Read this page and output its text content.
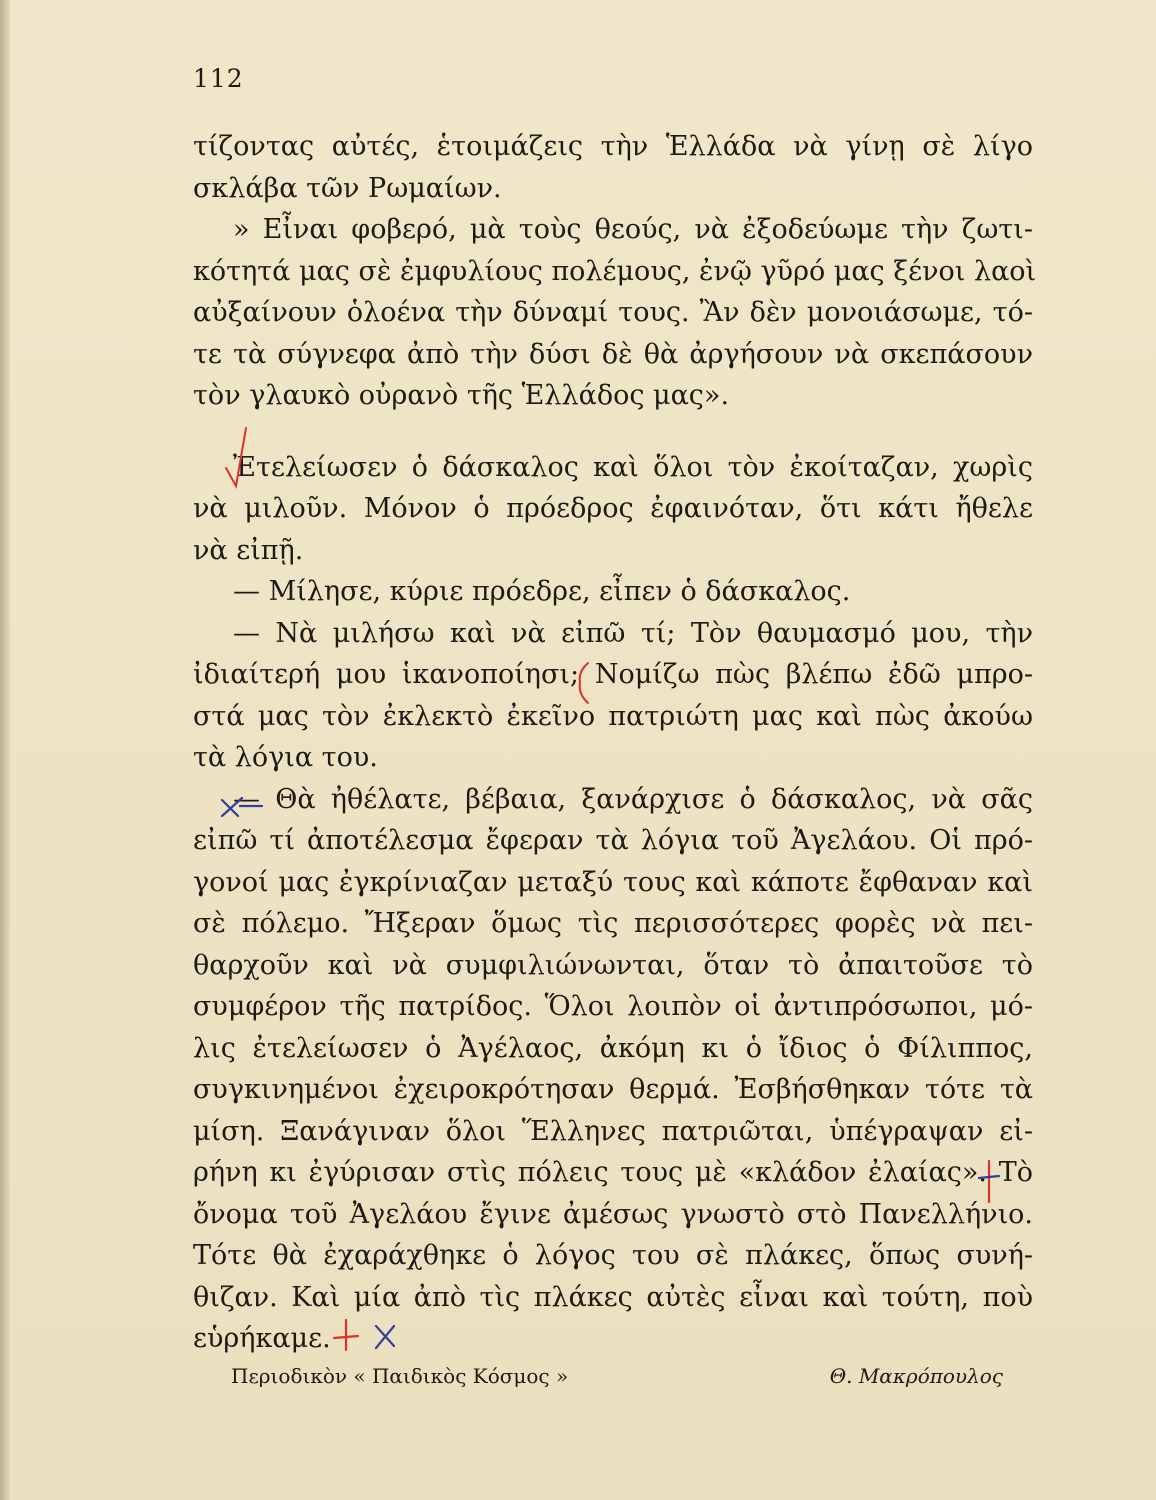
112
τίζοντας αὐτές, ἑτοιμάζεις τὴν Ἑλλάδα νὰ γίνῃ σὲ λίγο
σκλάβα τῶν Ρωμαίων.
» Εἶναι φοβερό, μὰ τοὺς θεούς, νὰ ἐξοδεύωμε τὴν ζωτι-
κότητά μας σὲ ἐμφυλίους πολέμους, ἐνῷ γῦρό μας ξένοι λαοὶ
αὐξαίνουν ὁλοένα τὴν δύναμί τους. Ἂν δὲν μονοιάσωμε, τό-
τε τὰ σύγνεφα ἀπὸ τὴν δύσι δὲ θὰ ἀργήσουν νὰ σκεπάσουν
τὸν γλαυκὸ οὐρανὸ τῆς Ἑλλάδος μας».
Ἐτελείωσεν ὁ δάσκαλος καὶ ὅλοι τὸν ἐκοίταζαν, χωρὶς
νὰ μιλοῦν. Μόνον ὁ πρόεδρος ἐφαινόταν, ὅτι κάτι ἤθελε
νὰ εἰπῇ.
— Μίλησε, κύριε πρόεδρε, εἶπεν ὁ δάσκαλος.
— Νὰ μιλήσω καὶ νὰ εἰπῶ τί; Τὸν θαυμασμό μου, τὴν
ἰδιαίτερή μου ἱκανοποίησι; Νομίζω πὼς βλέπω ἐδῶ μπρο-
στά μας τὸν ἐκλεκτὸ ἐκεῖνο πατριώτη μας καὶ πὼς ἀκούω
τὰ λόγια του.
— Θὰ ἠθέλατε, βέβαια, ξανάρχισε ὁ δάσκαλος, νὰ σᾶς
εἰπῶ τί ἀποτέλεσμα ἔφεραν τὰ λόγια τοῦ Ἀγελάου. Οἱ πρό-
γονοί μας ἐγκρίνιαζαν μεταξύ τους καὶ κάποτε ἔφθαναν καὶ
σὲ πόλεμο. Ἤξεραν ὅμως τὶς περισσότερες φορὲς νὰ πει-
θαρχοῦν καὶ νὰ συμφιλιώνωνται, ὅταν τὸ ἀπαιτοῦσε τὸ
συμφέρον τῆς πατρίδος. Ὅλοι λοιπὸν οἱ ἀντιπρόσωποι, μό-
λις ἐτελείωσεν ὁ Ἀγέλαος, ἀκόμη κι ὁ ἴδιος ὁ Φίλιππος,
συγκινημένοι ἐχειροκρότησαν θερμά. Ἐσβήσθηκαν τότε τὰ
μίση. Ξανάγιναν ὅλοι Ἕλληνες πατριῶται, ὑπέγραψαν εἰ-
ρήνη κι ἐγύρισαν στὶς πόλεις τους μὲ «κλάδον ἐλαίας». Τὸ
ὄνομα τοῦ Ἀγελάου ἔγινε ἀμέσως γνωστὸ στὸ Πανελλήνιο.
Τότε θὰ ἐχαράχθηκε ὁ λόγος του σὲ πλάκες, ὅπως συνή-
θιζαν. Καὶ μία ἀπὸ τὶς πλάκες αὐτὲς εἶναι καὶ τούτη, ποὺ
εὑρήκαμε.
Περιοδικὸν « Παιδικὸς Κόσμος »	Θ. Μακρόπουλος
